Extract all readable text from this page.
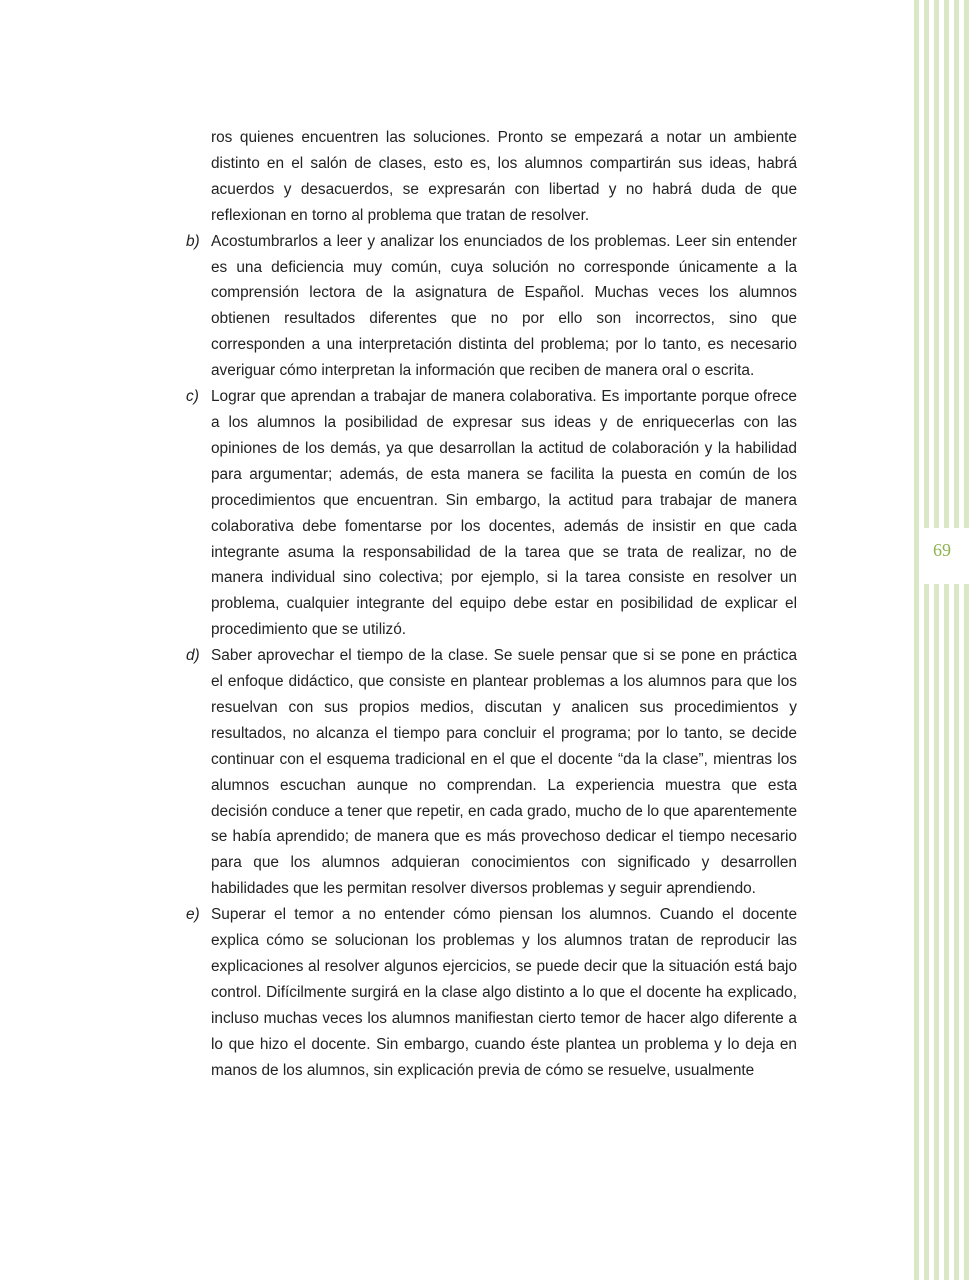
69

ros quienes encuentren las soluciones. Pronto se empezará a notar un ambiente distinto en el salón de clases, esto es, los alumnos compartirán sus ideas, habrá acuerdos y desacuerdos, se expresarán con libertad y no habrá duda de que reflexionan en torno al problema que tratan de resolver.

b) Acostumbrarlos a leer y analizar los enunciados de los problemas. Leer sin entender es una deficiencia muy común, cuya solución no corresponde únicamente a la comprensión lectora de la asignatura de Español. Muchas veces los alumnos obtienen resultados diferentes que no por ello son incorrectos, sino que corresponden a una interpretación distinta del problema; por lo tanto, es necesario averiguar cómo interpretan la información que reciben de manera oral o escrita.

c) Lograr que aprendan a trabajar de manera colaborativa. Es importante porque ofrece a los alumnos la posibilidad de expresar sus ideas y de enriquecerlas con las opiniones de los demás, ya que desarrollan la actitud de colaboración y la habilidad para argumentar; además, de esta manera se facilita la puesta en común de los procedimientos que encuentran. Sin embargo, la actitud para trabajar de manera colaborativa debe fomentarse por los docentes, además de insistir en que cada integrante asuma la responsabilidad de la tarea que se trata de realizar, no de manera individual sino colectiva; por ejemplo, si la tarea consiste en resolver un problema, cualquier integrante del equipo debe estar en posibilidad de explicar el procedimiento que se utilizó.

d) Saber aprovechar el tiempo de la clase. Se suele pensar que si se pone en práctica el enfoque didáctico, que consiste en plantear problemas a los alumnos para que los resuelvan con sus propios medios, discutan y analicen sus procedimientos y resultados, no alcanza el tiempo para concluir el programa; por lo tanto, se decide continuar con el esquema tradicional en el que el docente “da la clase”, mientras los alumnos escuchan aunque no comprendan. La experiencia muestra que esta decisión conduce a tener que repetir, en cada grado, mucho de lo que aparentemente se había aprendido; de manera que es más provechoso dedicar el tiempo necesario para que los alumnos adquieran conocimientos con significado y desarrollen habilidades que les permitan resolver diversos problemas y seguir aprendiendo.

e) Superar el temor a no entender cómo piensan los alumnos. Cuando el docente explica cómo se solucionan los problemas y los alumnos tratan de reproducir las explicaciones al resolver algunos ejercicios, se puede decir que la situación está bajo control. Difícilmente surgirá en la clase algo distinto a lo que el docente ha explicado, incluso muchas veces los alumnos manifiestan cierto temor de hacer algo diferente a lo que hizo el docente. Sin embargo, cuando éste plantea un problema y lo deja en manos de los alumnos, sin explicación previa de cómo se resuelve, usualmente
